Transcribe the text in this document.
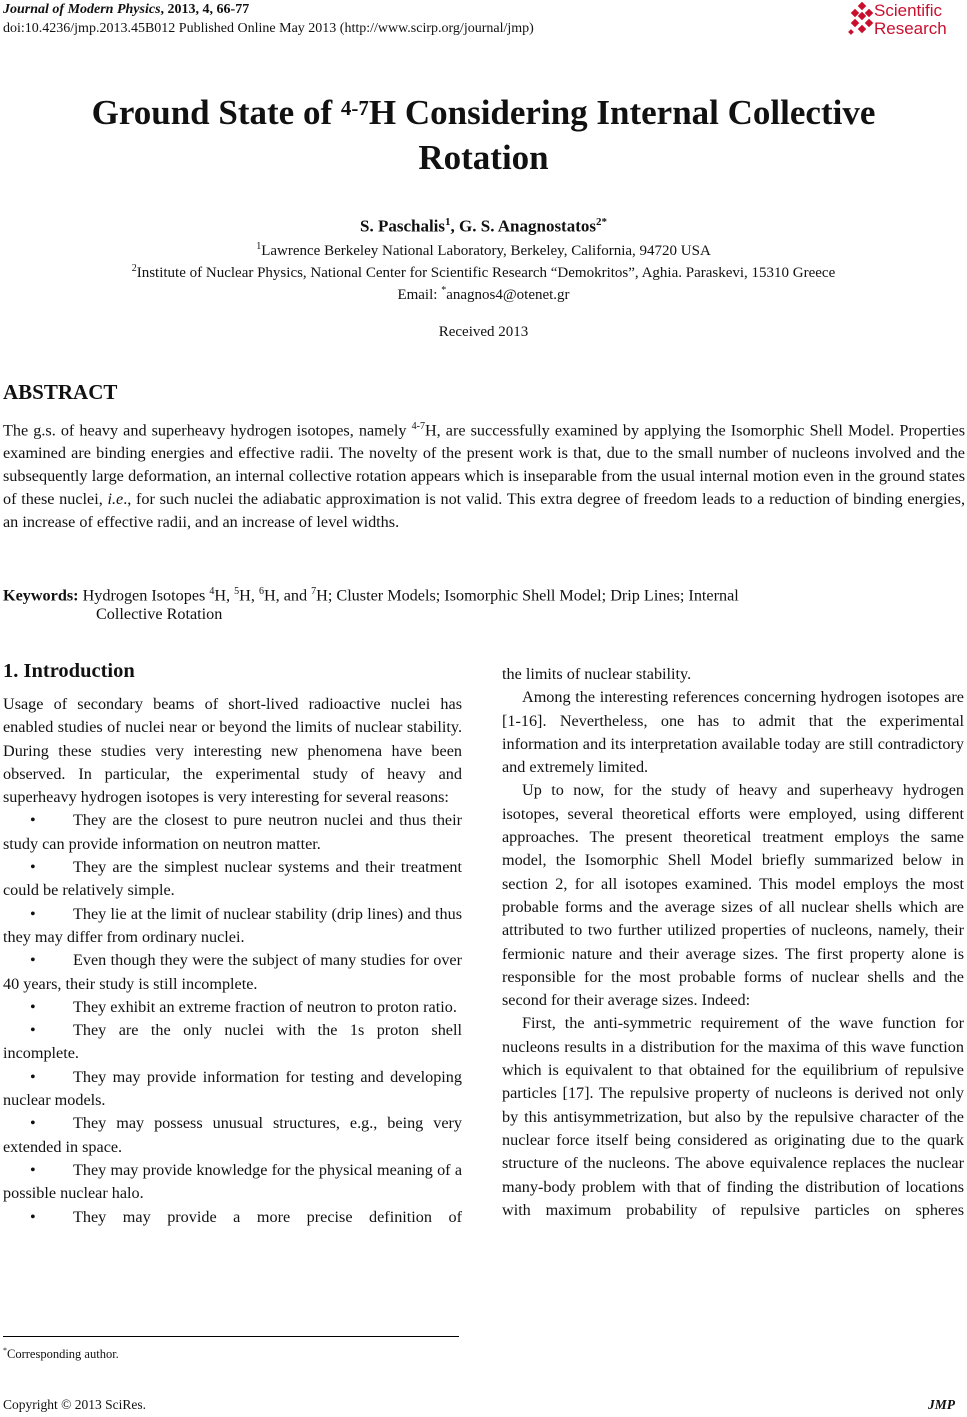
Journal of Modern Physics, 2013, 4, 66-77
doi:10.4236/jmp.2013.45B012 Published Online May 2013 (http://www.scirp.org/journal/jmp)
Scientific
Research
Ground State of $^{4-7}$H Considering Internal Collective
Rotation
S. Paschalis$^1$, G. S. Anagnostatos$^{2*}$
$^1$Lawrence Berkeley National Laboratory, Berkeley, California, 94720 USA
$^2$Institute of Nuclear Physics, National Center for Scientific Research “Demokritos”, Aghia. Paraskevi, 15310 Greece
Email: *anagnos4@otenet.gr
Received 2013
ABSTRACT
The g.s. of heavy and superheavy hydrogen isotopes, namely $^{4-7}$H, are successfully examined by applying the Isomorphic Shell Model. Properties examined are binding energies and effective radii. The novelty of the present work is that, due to the small number of nucleons involved and the subsequently large deformation, an internal collective rotation appears which is inseparable from the usual internal motion even in the ground states of these nuclei, i.e., for such nuclei the adiabatic approximation is not valid. This extra degree of freedom leads to a reduction of binding energies, an increase of effective radii, and an increase of level widths.
Keywords: Hydrogen Isotopes $^4$H, $^5$H, $^6$H, and $^7$H; Cluster Models; Isomorphic Shell Model; Drip Lines; Internal
Collective Rotation
1. Introduction

Usage of secondary beams of short-lived radioactive nuclei has enabled studies of nuclei near or beyond the limits of nuclear stability. During these studies very interesting new phenomena have been observed. In particular, the experimental study of heavy and superheavy hydrogen isotopes is very interesting for several reasons:

• They are the closest to pure neutron nuclei and thus their study can provide information on neutron matter.

• They are the simplest nuclear systems and their treatment could be relatively simple.

• They lie at the limit of nuclear stability (drip lines) and thus they may differ from ordinary nuclei.

• Even though they were the subject of many studies for over 40 years, their study is still incomplete.

• They exhibit an extreme fraction of neutron to proton ratio.

• They are the only nuclei with the 1s proton shell incomplete.

• They may provide information for testing and developing nuclear models.

• They may possess unusual structures, e.g., being very extended in space.

• They may provide knowledge for the physical meaning of a possible nuclear halo.

• They may provide a more precise definition of

the limits of nuclear stability.

Among the interesting references concerning hydrogen isotopes are [1-16]. Nevertheless, one has to admit that the experimental information and its interpretation available today are still contradictory and extremely limited.

Up to now, for the study of heavy and superheavy hydrogen isotopes, several theoretical efforts were employed, using different approaches. The present theoretical treatment employs the same model, the Isomorphic Shell Model briefly summarized below in section 2, for all isotopes examined. This model employs the most probable forms and the average sizes of all nuclear shells which are attributed to two further utilized properties of nucleons, namely, their fermionic nature and their average sizes. The first property alone is responsible for the most probable forms of nuclear shells and the second for their average sizes. Indeed:

First, the anti-symmetric requirement of the wave function for nucleons results in a distribution for the maxima of this wave function which is equivalent to that obtained for the equilibrium of repulsive particles [17]. The repulsive property of nucleons is derived not only by this antisymmetrization, but also by the repulsive character of the nuclear force itself being considered as originating due to the quark structure of the nucleons. The above equivalence replaces the nuclear many-body problem with that of finding the distribution of locations with maximum probability of repulsive particles on spheres

*Corresponding author.
Copyright © 2013 SciRes.	JMP
